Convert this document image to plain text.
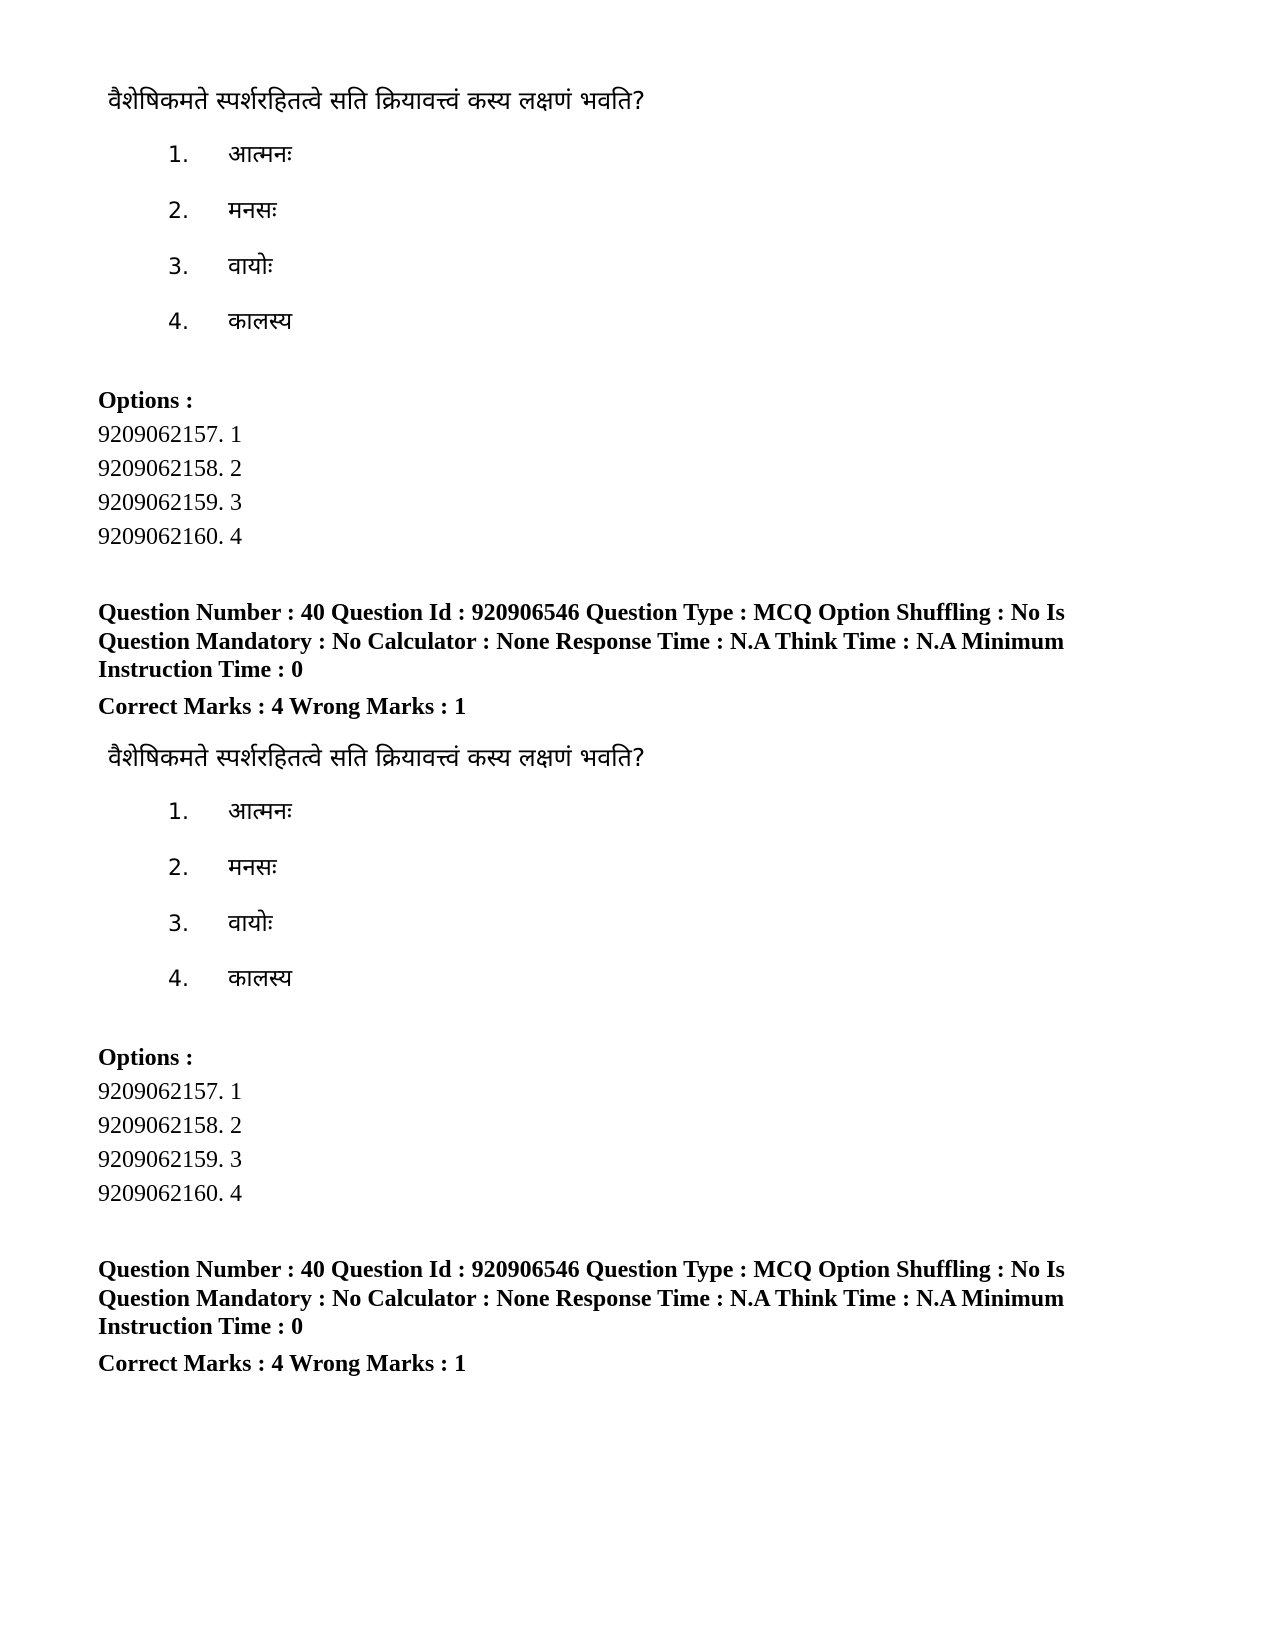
वैशेषिकमते स्पर्शरहितत्वे सति क्रियावत्त्वं कस्य लक्षणं भवति?

1. आत्मनः
2. मनसः
3. वायोः
4. कालस्य

Options :

9209062157. 1
9209062158. 2
9209062159. 3
9209062160. 4

Question Number : 40 Question Id : 920906546 Question Type : MCQ Option Shuffling : No Is Question Mandatory : No Calculator : None Response Time : N.A Think Time : N.A Minimum Instruction Time : 0

Correct Marks : 4 Wrong Marks : 1

वैशेषिकमते स्पर्शरहितत्वे सति क्रियावत्त्वं कस्य लक्षणं भवति?

1. आत्मनः
2. मनसः
3. वायोः
4. कालस्य

Options :

9209062157. 1
9209062158. 2
9209062159. 3
9209062160. 4

Question Number : 40 Question Id : 920906546 Question Type : MCQ Option Shuffling : No Is Question Mandatory : No Calculator : None Response Time : N.A Think Time : N.A Minimum Instruction Time : 0

Correct Marks : 4 Wrong Marks : 1
